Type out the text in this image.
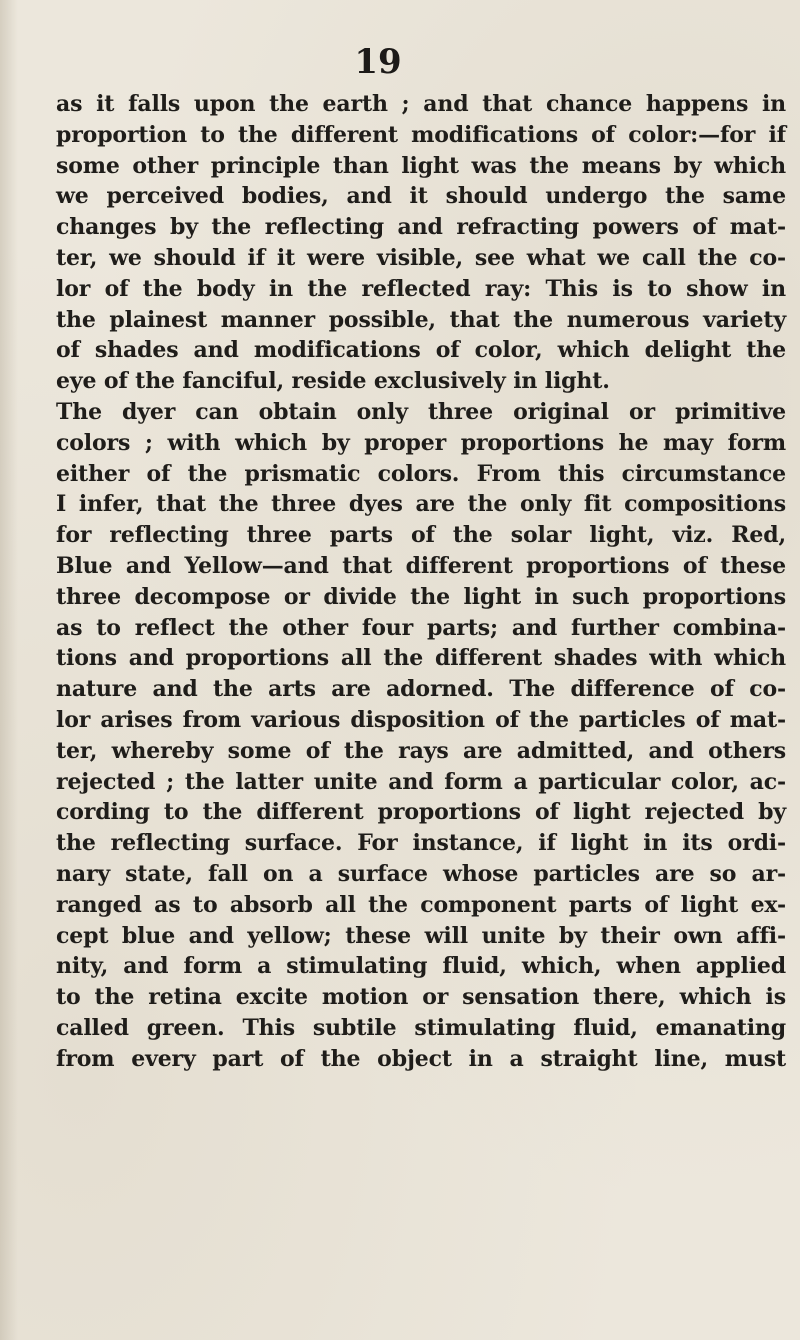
19
as it falls upon the earth ; and that chance happens in
proportion to the different modifications of color:—for if
some other principle than light was the means by which
we perceived bodies, and it should undergo the same
changes by the reflecting and refracting powers of mat-
ter, we should if it were visible, see what we call the co-
lor of the body in the reflected ray: This is to show in
the plainest manner possible, that the numerous variety
of shades and modifications of color, which delight the
eye of the fanciful, reside exclusively in light.
The dyer can obtain only three original or primitive
colors ; with which by proper proportions he may form
either of the prismatic colors. From this circumstance
I infer, that the three dyes are the only fit compositions
for reflecting three parts of the solar light, viz. Red,
Blue and Yellow—and that different proportions of these
three decompose or divide the light in such proportions
as to reflect the other four parts; and further combina-
tions and proportions all the different shades with which
nature and the arts are adorned. The difference of co-
lor arises from various disposition of the particles of mat-
ter, whereby some of the rays are admitted, and others
rejected ; the latter unite and form a particular color, ac-
cording to the different proportions of light rejected by
the reflecting surface. For instance, if light in its ordi-
nary state, fall on a surface whose particles are so ar-
ranged as to absorb all the component parts of light ex-
cept blue and yellow; these will unite by their own affi-
nity, and form a stimulating fluid, which, when applied
to the retina excite motion or sensation there, which is
called green. This subtile stimulating fluid, emanating
from every part of the object in a straight line, must
